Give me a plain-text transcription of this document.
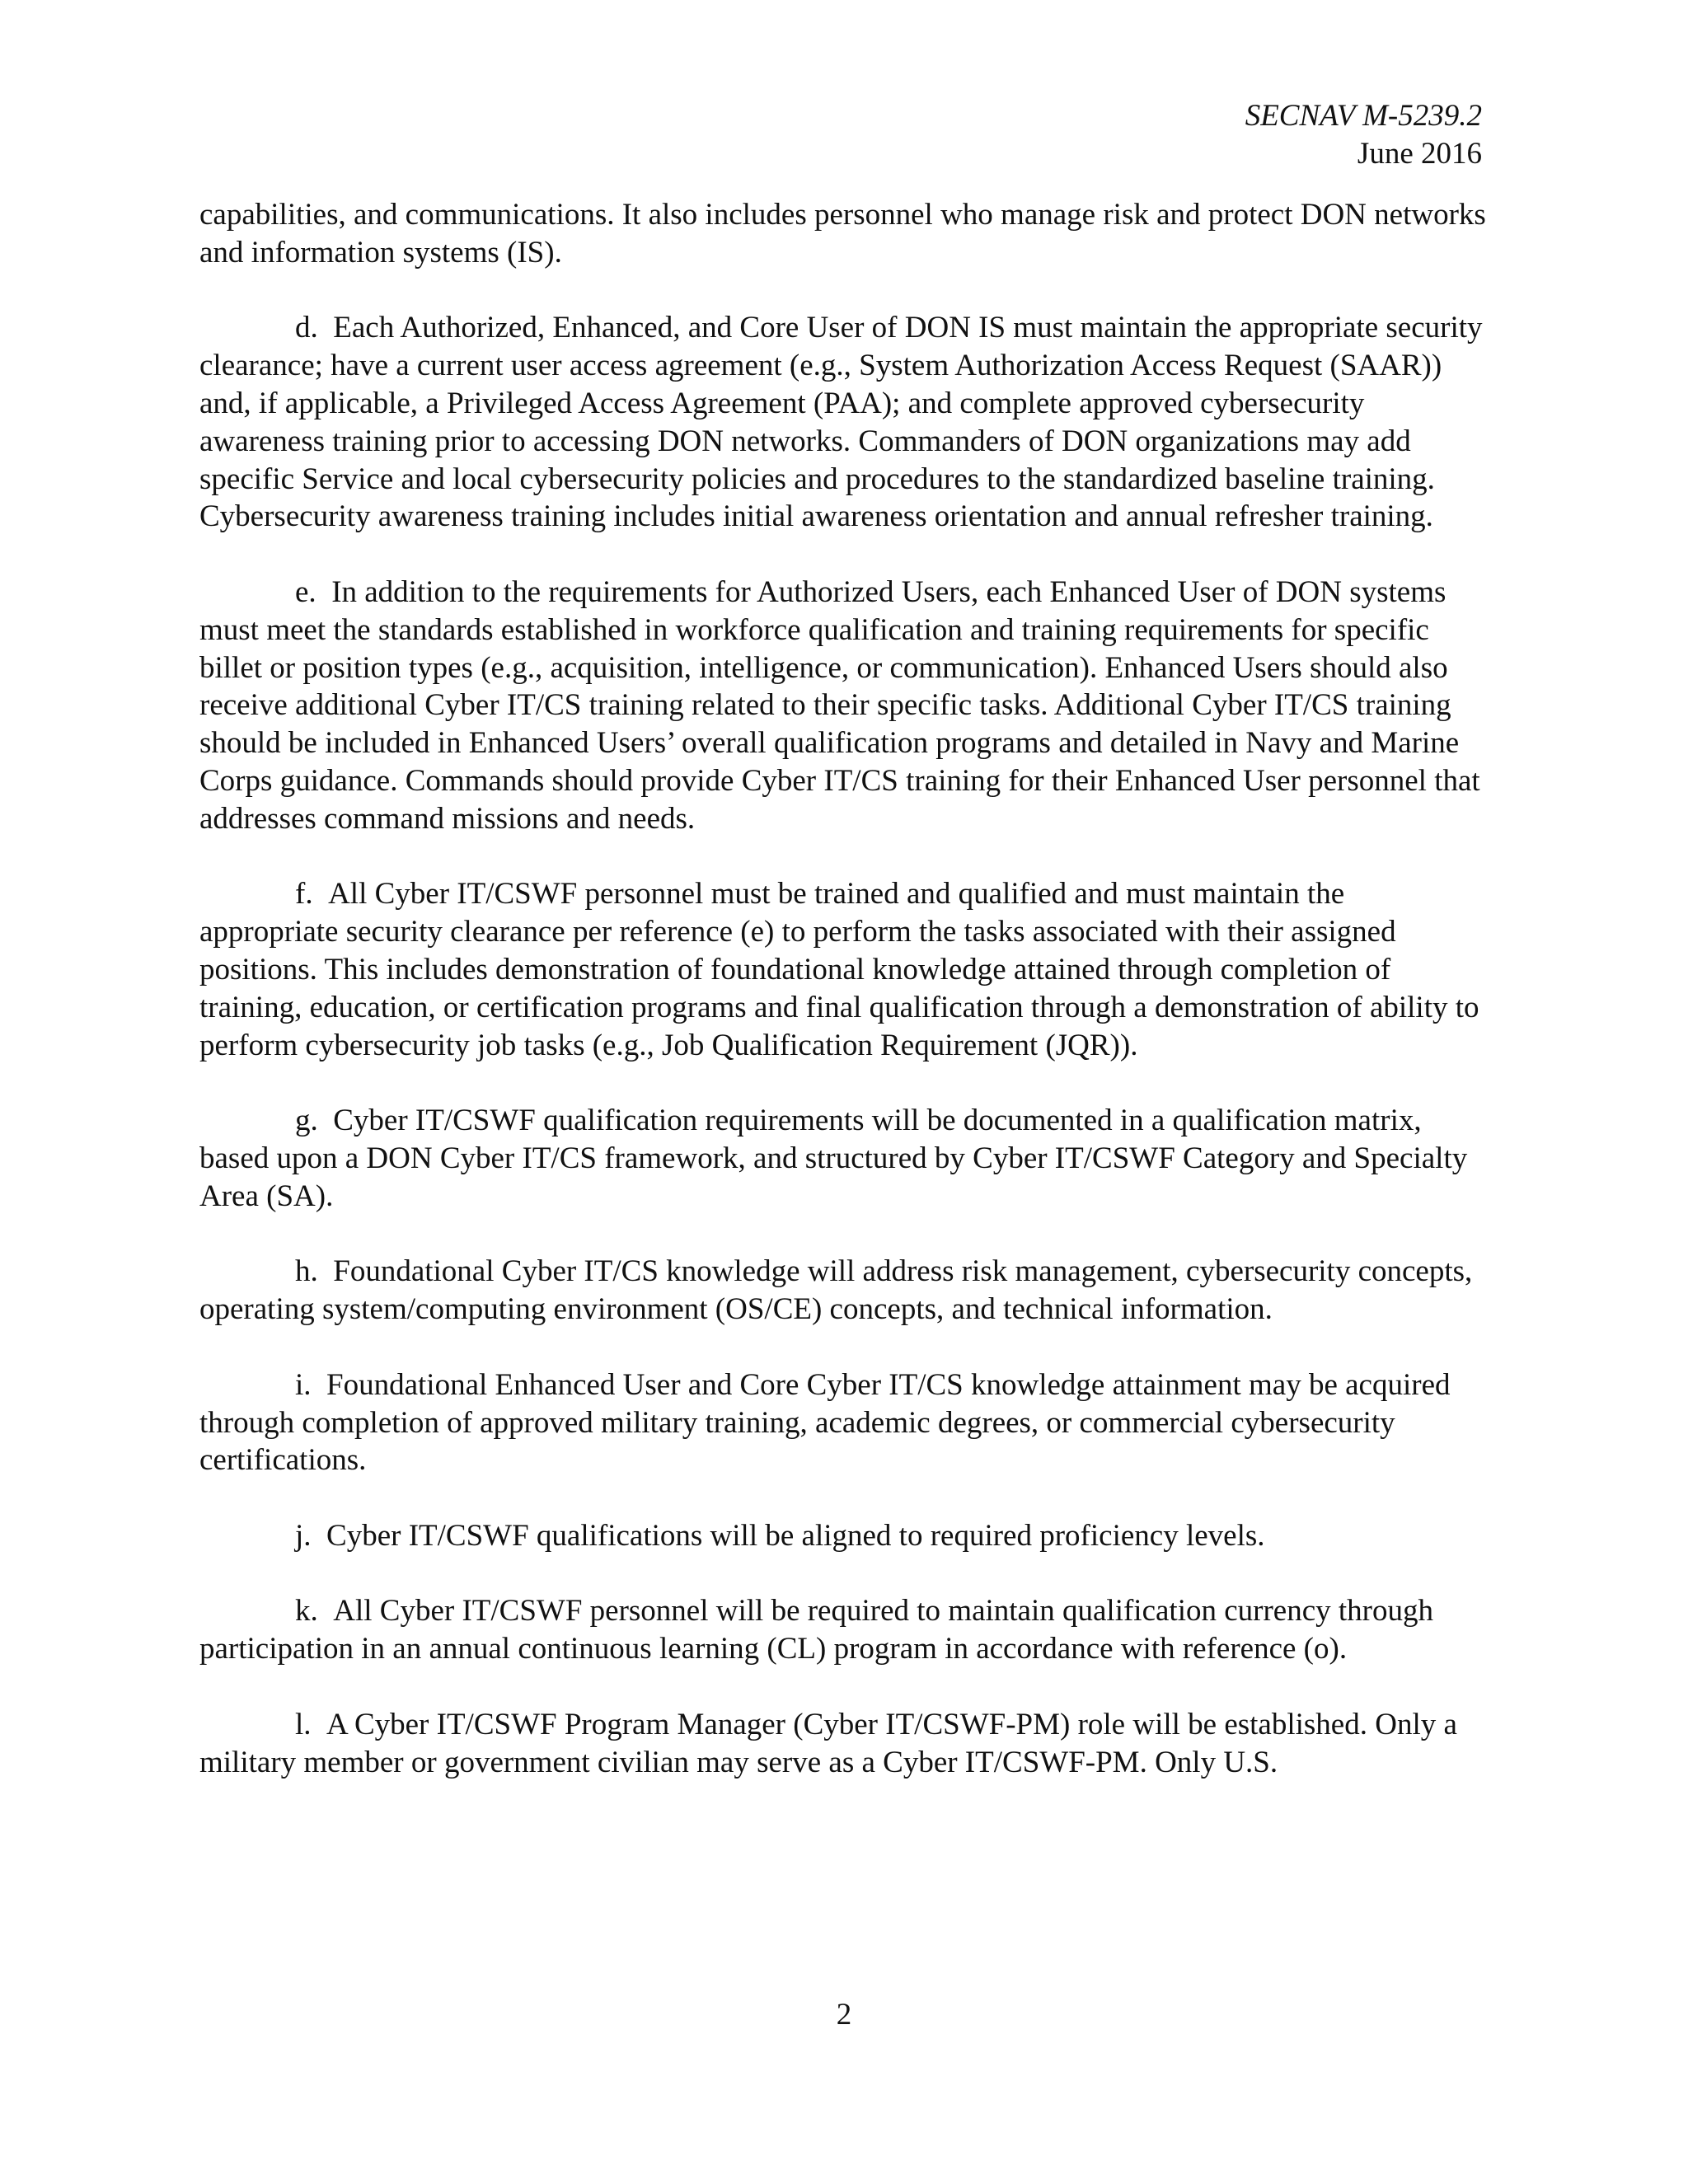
SECNAV M-5239.2
June 2016

capabilities, and communications. It also includes personnel who manage risk and protect DON networks and information systems (IS).

d. Each Authorized, Enhanced, and Core User of DON IS must maintain the appropriate security clearance; have a current user access agreement (e.g., System Authorization Access Request (SAAR)) and, if applicable, a Privileged Access Agreement (PAA); and complete approved cybersecurity awareness training prior to accessing DON networks. Commanders of DON organizations may add specific Service and local cybersecurity policies and procedures to the standardized baseline training. Cybersecurity awareness training includes initial awareness orientation and annual refresher training.

e. In addition to the requirements for Authorized Users, each Enhanced User of DON systems must meet the standards established in workforce qualification and training requirements for specific billet or position types (e.g., acquisition, intelligence, or communication). Enhanced Users should also receive additional Cyber IT/CS training related to their specific tasks. Additional Cyber IT/CS training should be included in Enhanced Users’ overall qualification programs and detailed in Navy and Marine Corps guidance. Commands should provide Cyber IT/CS training for their Enhanced User personnel that addresses command missions and needs.

f. All Cyber IT/CSWF personnel must be trained and qualified and must maintain the appropriate security clearance per reference (e) to perform the tasks associated with their assigned positions. This includes demonstration of foundational knowledge attained through completion of training, education, or certification programs and final qualification through a demonstration of ability to perform cybersecurity job tasks (e.g., Job Qualification Requirement (JQR)).

g. Cyber IT/CSWF qualification requirements will be documented in a qualification matrix, based upon a DON Cyber IT/CS framework, and structured by Cyber IT/CSWF Category and Specialty Area (SA).

h. Foundational Cyber IT/CS knowledge will address risk management, cybersecurity concepts, operating system/computing environment (OS/CE) concepts, and technical information.

i. Foundational Enhanced User and Core Cyber IT/CS knowledge attainment may be acquired through completion of approved military training, academic degrees, or commercial cybersecurity certifications.

j. Cyber IT/CSWF qualifications will be aligned to required proficiency levels.

k. All Cyber IT/CSWF personnel will be required to maintain qualification currency through participation in an annual continuous learning (CL) program in accordance with reference (o).

l. A Cyber IT/CSWF Program Manager (Cyber IT/CSWF-PM) role will be established. Only a military member or government civilian may serve as a Cyber IT/CSWF-PM. Only U.S.

2
